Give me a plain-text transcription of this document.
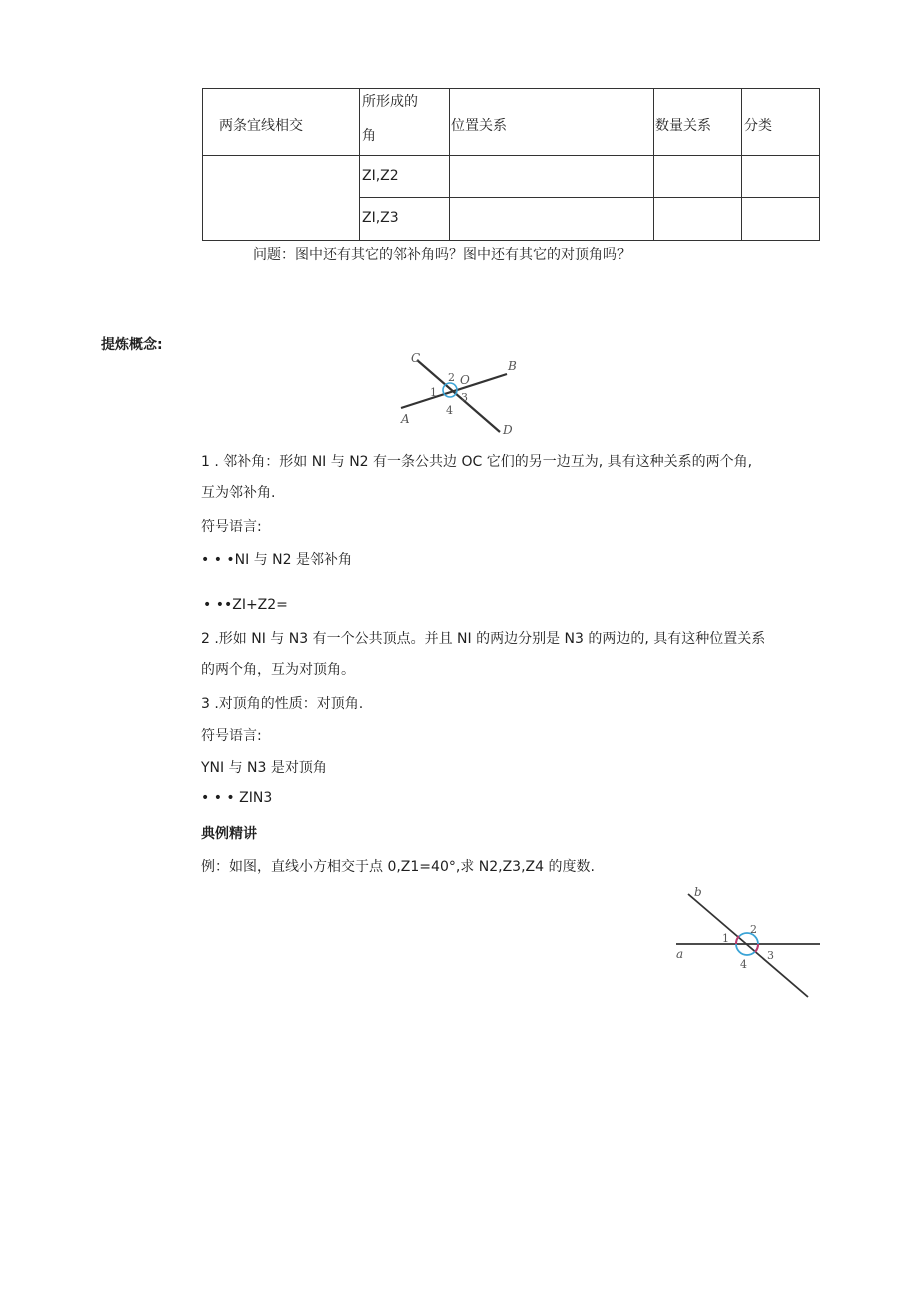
两条宜线相交
所形成的
角
位置关系	数量关系 分类
ZI,Z2
ZI,Z3
问题：图中还有其它的邻补角吗？图中还有其它的对顶角吗？
提炼概念:
C
B
A
D
O
1
2
3
4
1 . 邻补角：形如 NI 与 N2 有一条公共边 OC 它们的另一边互为, 具有这种关系的两个角,
互为邻补角.
符号语言:
• • •NI 与 N2 是邻补角
• ••ZI+Z2=
2 .形如 NI 与 N3 有一个公共顶点。并且 NI 的两边分别是 N3 的两边的, 具有这种位置关系
的两个角，互为对顶角。
3 .对顶角的性质：对顶角.
符号语言:
YNI 与 N3 是对顶角
• • • ZIN3
典例精讲
例：如图，直线小方相交于点 0,Z1=40°,求 N2,Z3,Z4 的度数.
b
a
1
2
3
4
